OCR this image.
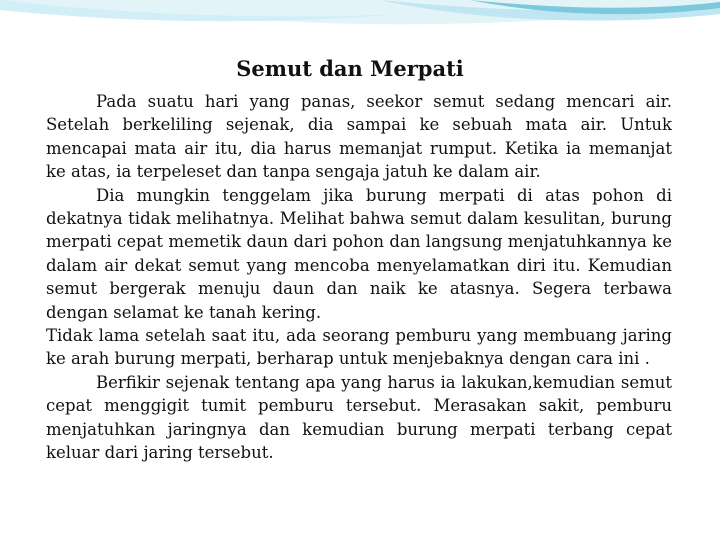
Semut dan Merpati

Pada suatu hari yang panas, seekor semut sedang mencari air. Setelah berkeliling sejenak, dia sampai ke sebuah mata air. Untuk mencapai mata air itu, dia harus memanjat rumput. Ketika ia memanjat ke atas, ia terpeleset dan tanpa sengaja jatuh ke dalam air.

Dia mungkin tenggelam jika burung merpati di atas pohon di dekatnya tidak melihatnya. Melihat bahwa semut dalam kesulitan, burung merpati cepat memetik daun dari pohon dan langsung menjatuhkannya ke dalam air dekat semut yang mencoba menyelamatkan diri itu. Kemudian semut bergerak menuju daun dan naik ke atasnya. Segera terbawa dengan selamat ke tanah kering.

Tidak lama setelah saat itu, ada seorang pemburu yang membuang jaring ke arah burung merpati, berharap untuk menjebaknya dengan cara ini .

Berfikir sejenak tentang apa yang harus ia lakukan,kemudian semut cepat menggigit tumit pemburu tersebut. Merasakan sakit, pemburu menjatuhkan jaringnya dan kemudian burung merpati terbang cepat keluar dari jaring tersebut.
